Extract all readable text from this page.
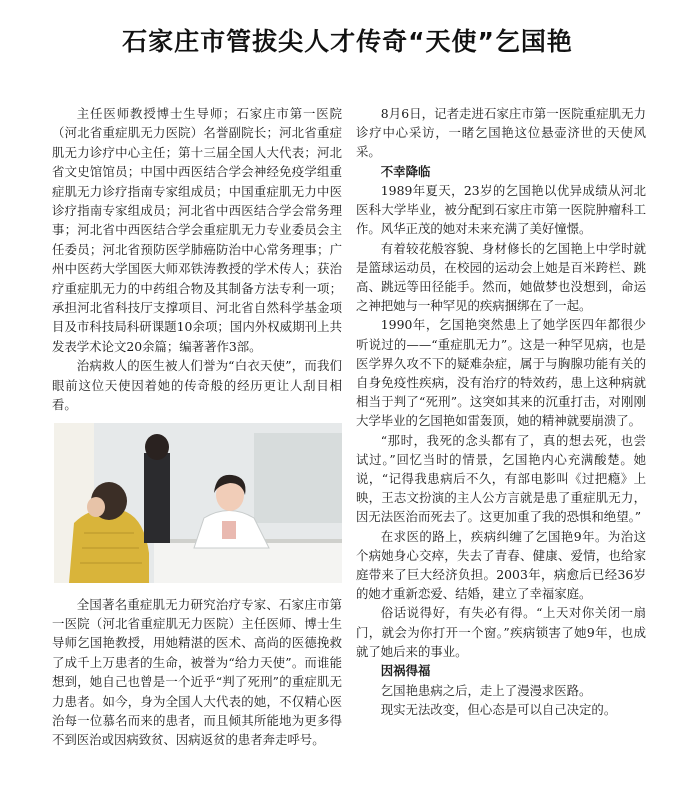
石家庄市管拔尖人才传奇“天使”乞国艳

主任医师教授博士生导师；石家庄市第一医院（河北省重症肌无力医院）名誉副院长；河北省重症肌无力诊疗中心主任；第十三届全国人大代表；河北省文史馆馆员；中国中西医结合学会神经免疫学组重症肌无力诊疗指南专家组成员；中国重症肌无力中医诊疗指南专家组成员；河北省中西医结合学会常务理事；河北省中西医结合学会重症肌无力专业委员会主任委员；河北省预防医学肺癌防治中心常务理事；广州中医药大学国医大师邓铁涛教授的学术传人；获治疗重症肌无力的中药组合物及其制备方法专利一项；承担河北省科技厅支撑项目、河北省自然科学基金项目及市科技局科研课题10余项；国内外权威期刊上共发表学术论文20余篇；编著著作3部。

治病救人的医生被人们誉为“白衣天使”，而我们眼前这位天使因着她的传奇般的经历更让人刮目相看。

全国著名重症肌无力研究治疗专家、石家庄市第一医院（河北省重症肌无力医院）主任医师、博士生导师乞国艳教授，用她精湛的医术、高尚的医德挽救了成千上万患者的生命，被誉为“给力天使”。而谁能想到，她自己也曾是一个近乎“判了死刑”的重症肌无力患者。如今，身为全国人大代表的她，不仅精心医治每一位慕名而来的患者，而且倾其所能地为更多得不到医治或因病致贫、因病返贫的患者奔走呼号。

8月6日，记者走进石家庄市第一医院重症肌无力诊疗中心采访，一睹乞国艳这位悬壶济世的天使风采。

不幸降临

1989年夏天，23岁的乞国艳以优异成绩从河北医科大学毕业，被分配到石家庄市第一医院肿瘤科工作。风华正茂的她对未来充满了美好憧憬。

有着较花般容貌、身材修长的乞国艳上中学时就是篮球运动员，在校园的运动会上她是百米跨栏、跳高、跳远等田径能手。然而，她做梦也没想到，命运之神把她与一种罕见的疾病捆绑在了一起。

1990年，乞国艳突然患上了她学医四年都很少听说过的——“重症肌无力”。这是一种罕见病，也是医学界久攻不下的疑难杂症，属于与胸腺功能有关的自身免疫性疾病，没有治疗的特效药，患上这种病就相当于判了“死刑”。这突如其来的沉重打击，对刚刚大学毕业的乞国艳如雷轰顶，她的精神就要崩溃了。

“那时，我死的念头都有了，真的想去死，也尝试过。”回忆当时的情景，乞国艳内心充满酸楚。她说，“记得我患病后不久，有部电影叫《过把瘾》上映，王志文扮演的主人公方言就是患了重症肌无力，因无法医治而死去了。这更加重了我的恐惧和绝望。”

在求医的路上，疾病纠缠了乞国艳9年。为治这个病她身心交瘁，失去了青春、健康、爱情，也给家庭带来了巨大经济负担。2003年，病愈后已经36岁的她才重新恋爱、结婚，建立了幸福家庭。

俗话说得好，有失必有得。“上天对你关闭一扇门，就会为你打开一个窗。”疾病锁害了她9年，也成就了她后来的事业。

因祸得福

乞国艳患病之后，走上了漫漫求医路。

现实无法改变，但心态是可以自己决定的。
